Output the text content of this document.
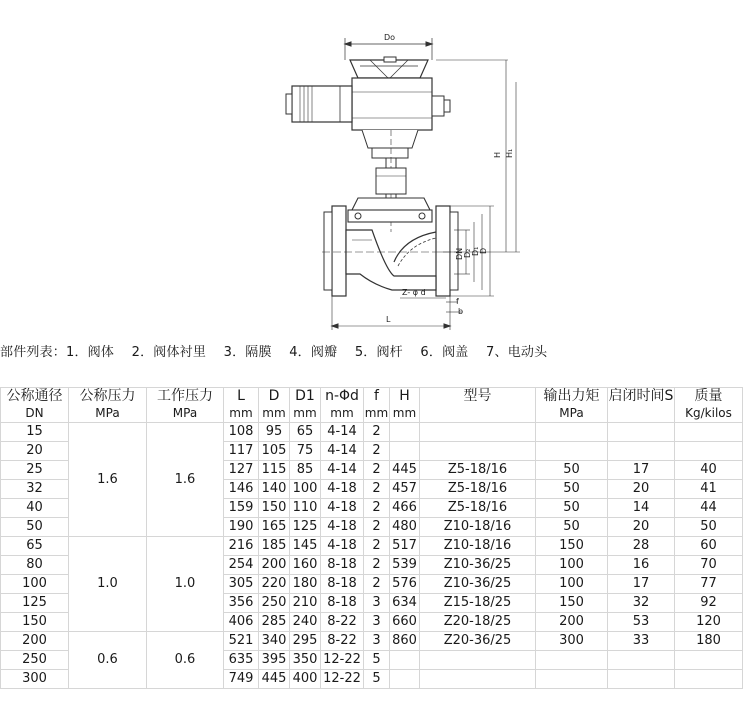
Do
H H₁
DN D₂ D₁ D
Z- φ d
f
b
L
部件列表：1．阀体　 2．阀体衬里　 3．隔膜　 4．阀瓣　 5．阀杆　 6．阀盖　 7、电动头
公称通径	公称压力	工作压力	L	D	D1	n-Φd	f	H	型号	输出力矩	启闭时间S	质量
DN	MPa	MPa	mm	mm	mm	mm	mm	mm		MPa		Kg/kilos
15	1.6	1.6	108	95	65	4-14	2					
20			117	105	75	4-14	2					
25			127	115	85	4-14	2	445	Z5-18/16	50	17	40
32			146	140	100	4-18	2	457	Z5-18/16	50	20	41
40			159	150	110	4-18	2	466	Z5-18/16	50	14	44
50			190	165	125	4-18	2	480	Z10-18/16	50	20	50
65	1.0	1.0	216	185	145	4-18	2	517	Z10-18/16	150	28	60
80			254	200	160	8-18	2	539	Z10-36/25	100	16	70
100			305	220	180	8-18	2	576	Z10-36/25	100	17	77
125			356	250	210	8-18	3	634	Z15-18/25	150	32	92
150			406	285	240	8-22	3	660	Z20-18/25	200	53	120
200	0.6	0.6	521	340	295	8-22	3	860	Z20-36/25	300	33	180
250			635	395	350	12-22	5					
300			749	445	400	12-22	5					
